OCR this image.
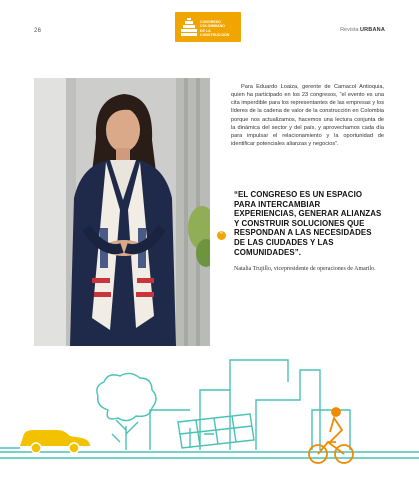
26
CONGRESO
COLOMBIANO
DE LA
CONSTRUCCIÓN
Revista URBANA

Para Eduardo Loaiza, gerente de Camacol Antioquia, quien ha participado en los 23 congresos, “el evento es una cita imperdible para los representantes de las empresas y los líderes de la cadena de valor de la construcción en Colombia porque nos actualizamos, hacemos una lectura conjunta de la dinámica del sector y del país, y aprovechamos cada día para impulsar el relacionamiento y la oportunidad de identificar potenciales alianzas y negocios”.

“

“EL CONGRESO ES UN ESPACIO PARA INTERCAMBIAR EXPERIENCIAS, GENERAR ALIANZAS Y CONSTRUIR SOLUCIONES QUE RESPONDAN A LAS NECESIDADES DE LAS CIUDADES Y LAS COMUNIDADES”.

Natalia Trujillo, vicepresidente de operaciones de Amarilo.
